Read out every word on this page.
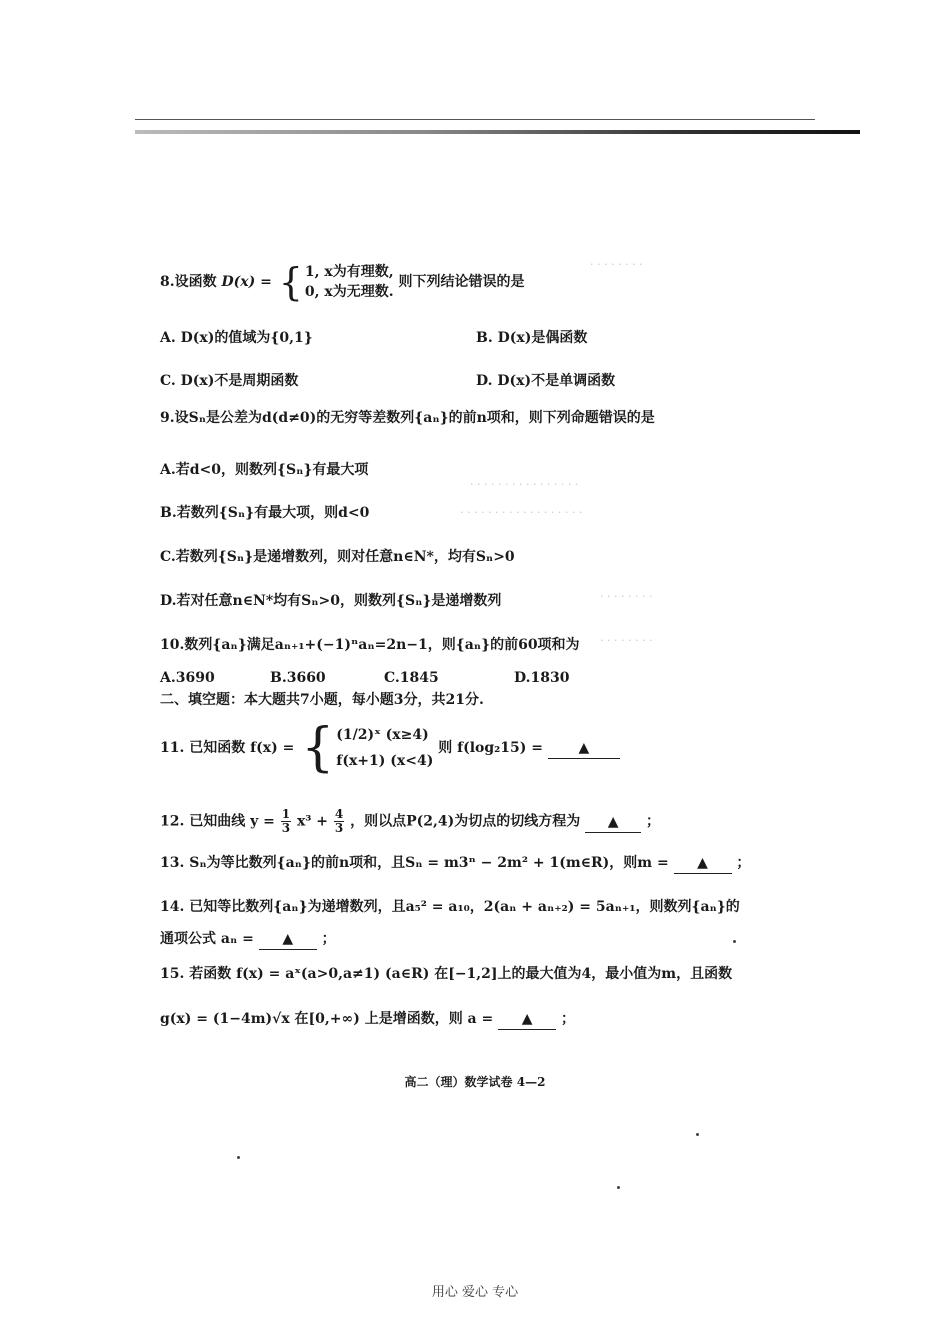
· · · · · · · ·
· · · · · · · · · · · · · · · ·
· · · · · · · · · · · · · · · · · ·
· · · · · · · ·
· · · · · · · ·
8.设函数 D(x) = { 1, x为有理数,
0, x为无理数.
则下列结论错误的是
A. D(x)的值域为{0,1}	B. D(x)是偶函数
C. D(x)不是周期函数	D. D(x)不是单调函数
9.设Sₙ是公差为d(d≠0)的无穷等差数列{aₙ}的前n项和，则下列命题错误的是
A.若d<0，则数列{Sₙ}有最大项
B.若数列{Sₙ}有最大项，则d<0
C.若数列{Sₙ}是递增数列，则对任意n∈N*，均有Sₙ>0
D.若对任意n∈N*均有Sₙ>0，则数列{Sₙ}是递增数列
10.数列{aₙ}满足aₙ₊₁+(−1)ⁿaₙ=2n−1，则{aₙ}的前60项和为
A.3690	B.3660	C.1845	D.1830
二、填空题：本大题共7小题，每小题3分，共21分.
11. 已知函数 f(x) = { (1/2)ˣ (x≥4)
f(x+1) (x<4)
则 f(log₂15) =	▲
12. 已知曲线 $y = \frac{1}{3} x^3 + \frac{4}{3}$ ，则以点P(2,4)为切点的切线方程为 ▲ ；
13. Sₙ为等比数列{aₙ}的前n项和，且Sₙ = m3ⁿ − 2m² + 1(m∈R)，则m = ▲ ；
14. 已知等比数列{aₙ}为递增数列，且a₅² = a₁₀，2(aₙ + aₙ₊₂) = 5aₙ₊₁，则数列{aₙ}的
通项公式 aₙ = ▲ ；
15. 若函数 f(x) = aˣ(a>0,a≠1) (a∈R) 在[−1,2]上的最大值为4，最小值为m，且函数
g(x) = (1−4m)√x 在[0,+∞) 上是增函数，则 a = ▲ ；
高二（理）数学试卷 4—2
用心 爱心 专心
